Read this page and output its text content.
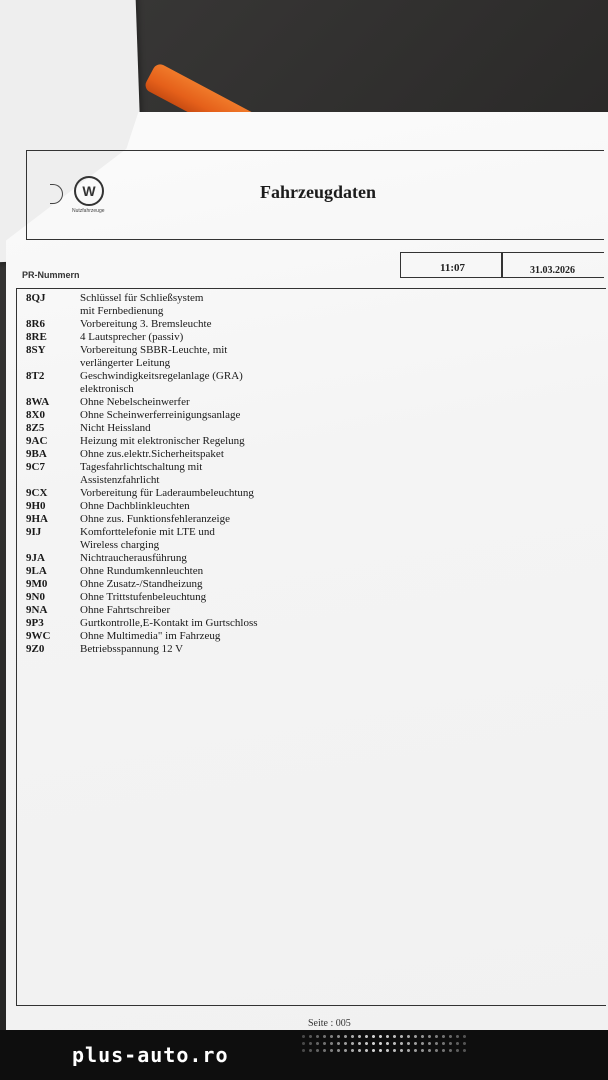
W
Nutzfahrzeuge
Fahrzeugdaten
11:07	31.03.2026
PR-Nummern
8QJ	Schlüssel für Schließsystem
mit Fernbedienung
8R6	Vorbereitung 3. Bremsleuchte
8RE	4 Lautsprecher (passiv)
8SY	Vorbereitung SBBR-Leuchte, mit
verlängerter Leitung
8T2	Geschwindigkeitsregelanlage (GRA)
elektronisch
8WA	Ohne Nebelscheinwerfer
8X0	Ohne Scheinwerferreinigungsanlage
8Z5	Nicht Heissland
9AC	Heizung mit elektronischer Regelung
9BA	Ohne zus.elektr.Sicherheitspaket
9C7	Tagesfahrlichtschaltung mit
Assistenzfahrlicht
9CX	Vorbereitung für Laderaumbeleuchtung
9H0	Ohne Dachblinkleuchten
9HA	Ohne zus. Funktionsfehleranzeige
9IJ	Komforttelefonie mit LTE und
Wireless charging
9JA	Nichtraucherausführung
9LA	Ohne Rundumkennleuchten
9M0	Ohne Zusatz-/Standheizung
9N0	Ohne Trittstufenbeleuchtung
9NA	Ohne Fahrtschreiber
9P3	Gurtkontrolle,E-Kontakt im Gurtschloss
9WC	Ohne Multimedia" im Fahrzeug
9Z0	Betriebsspannung 12 V
Seite : 005
plus-auto.ro
